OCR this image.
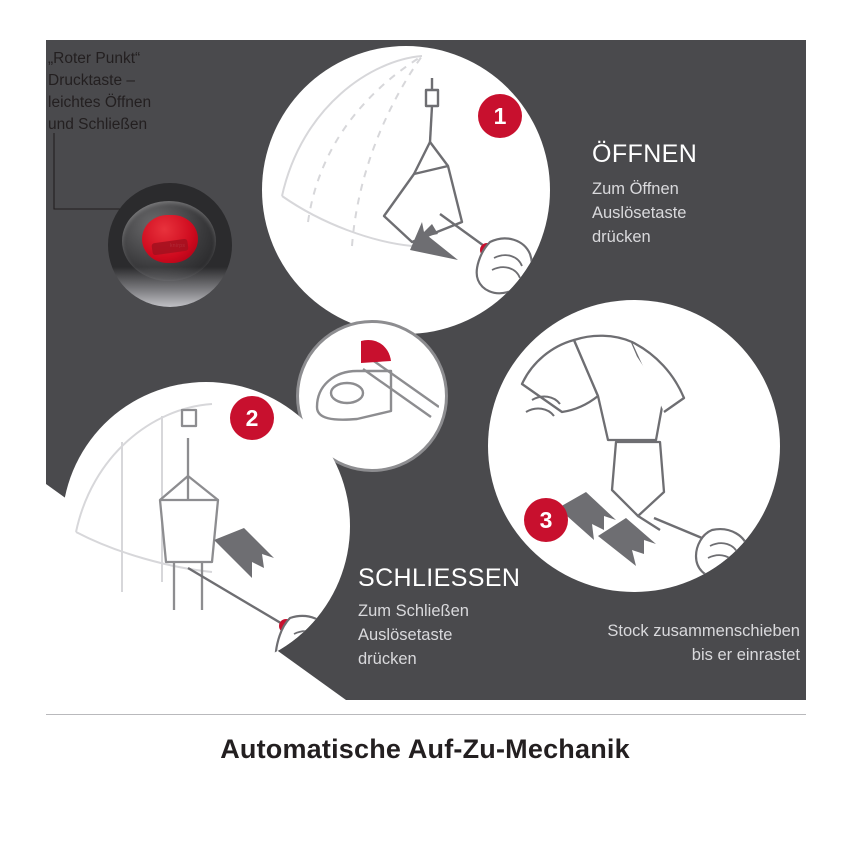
„Roter Punkt“
Drucktaste –
leichtes Öffnen
und Schließen	1
2
3
ÖFFNEN
Zum Öffnen
Auslösetaste
drücken
SCHLIESSEN
Zum Schließen
Auslösetaste
drücken
Stock zusammenschieben
bis er einrastet
Automatische Auf-Zu-Mechanik
